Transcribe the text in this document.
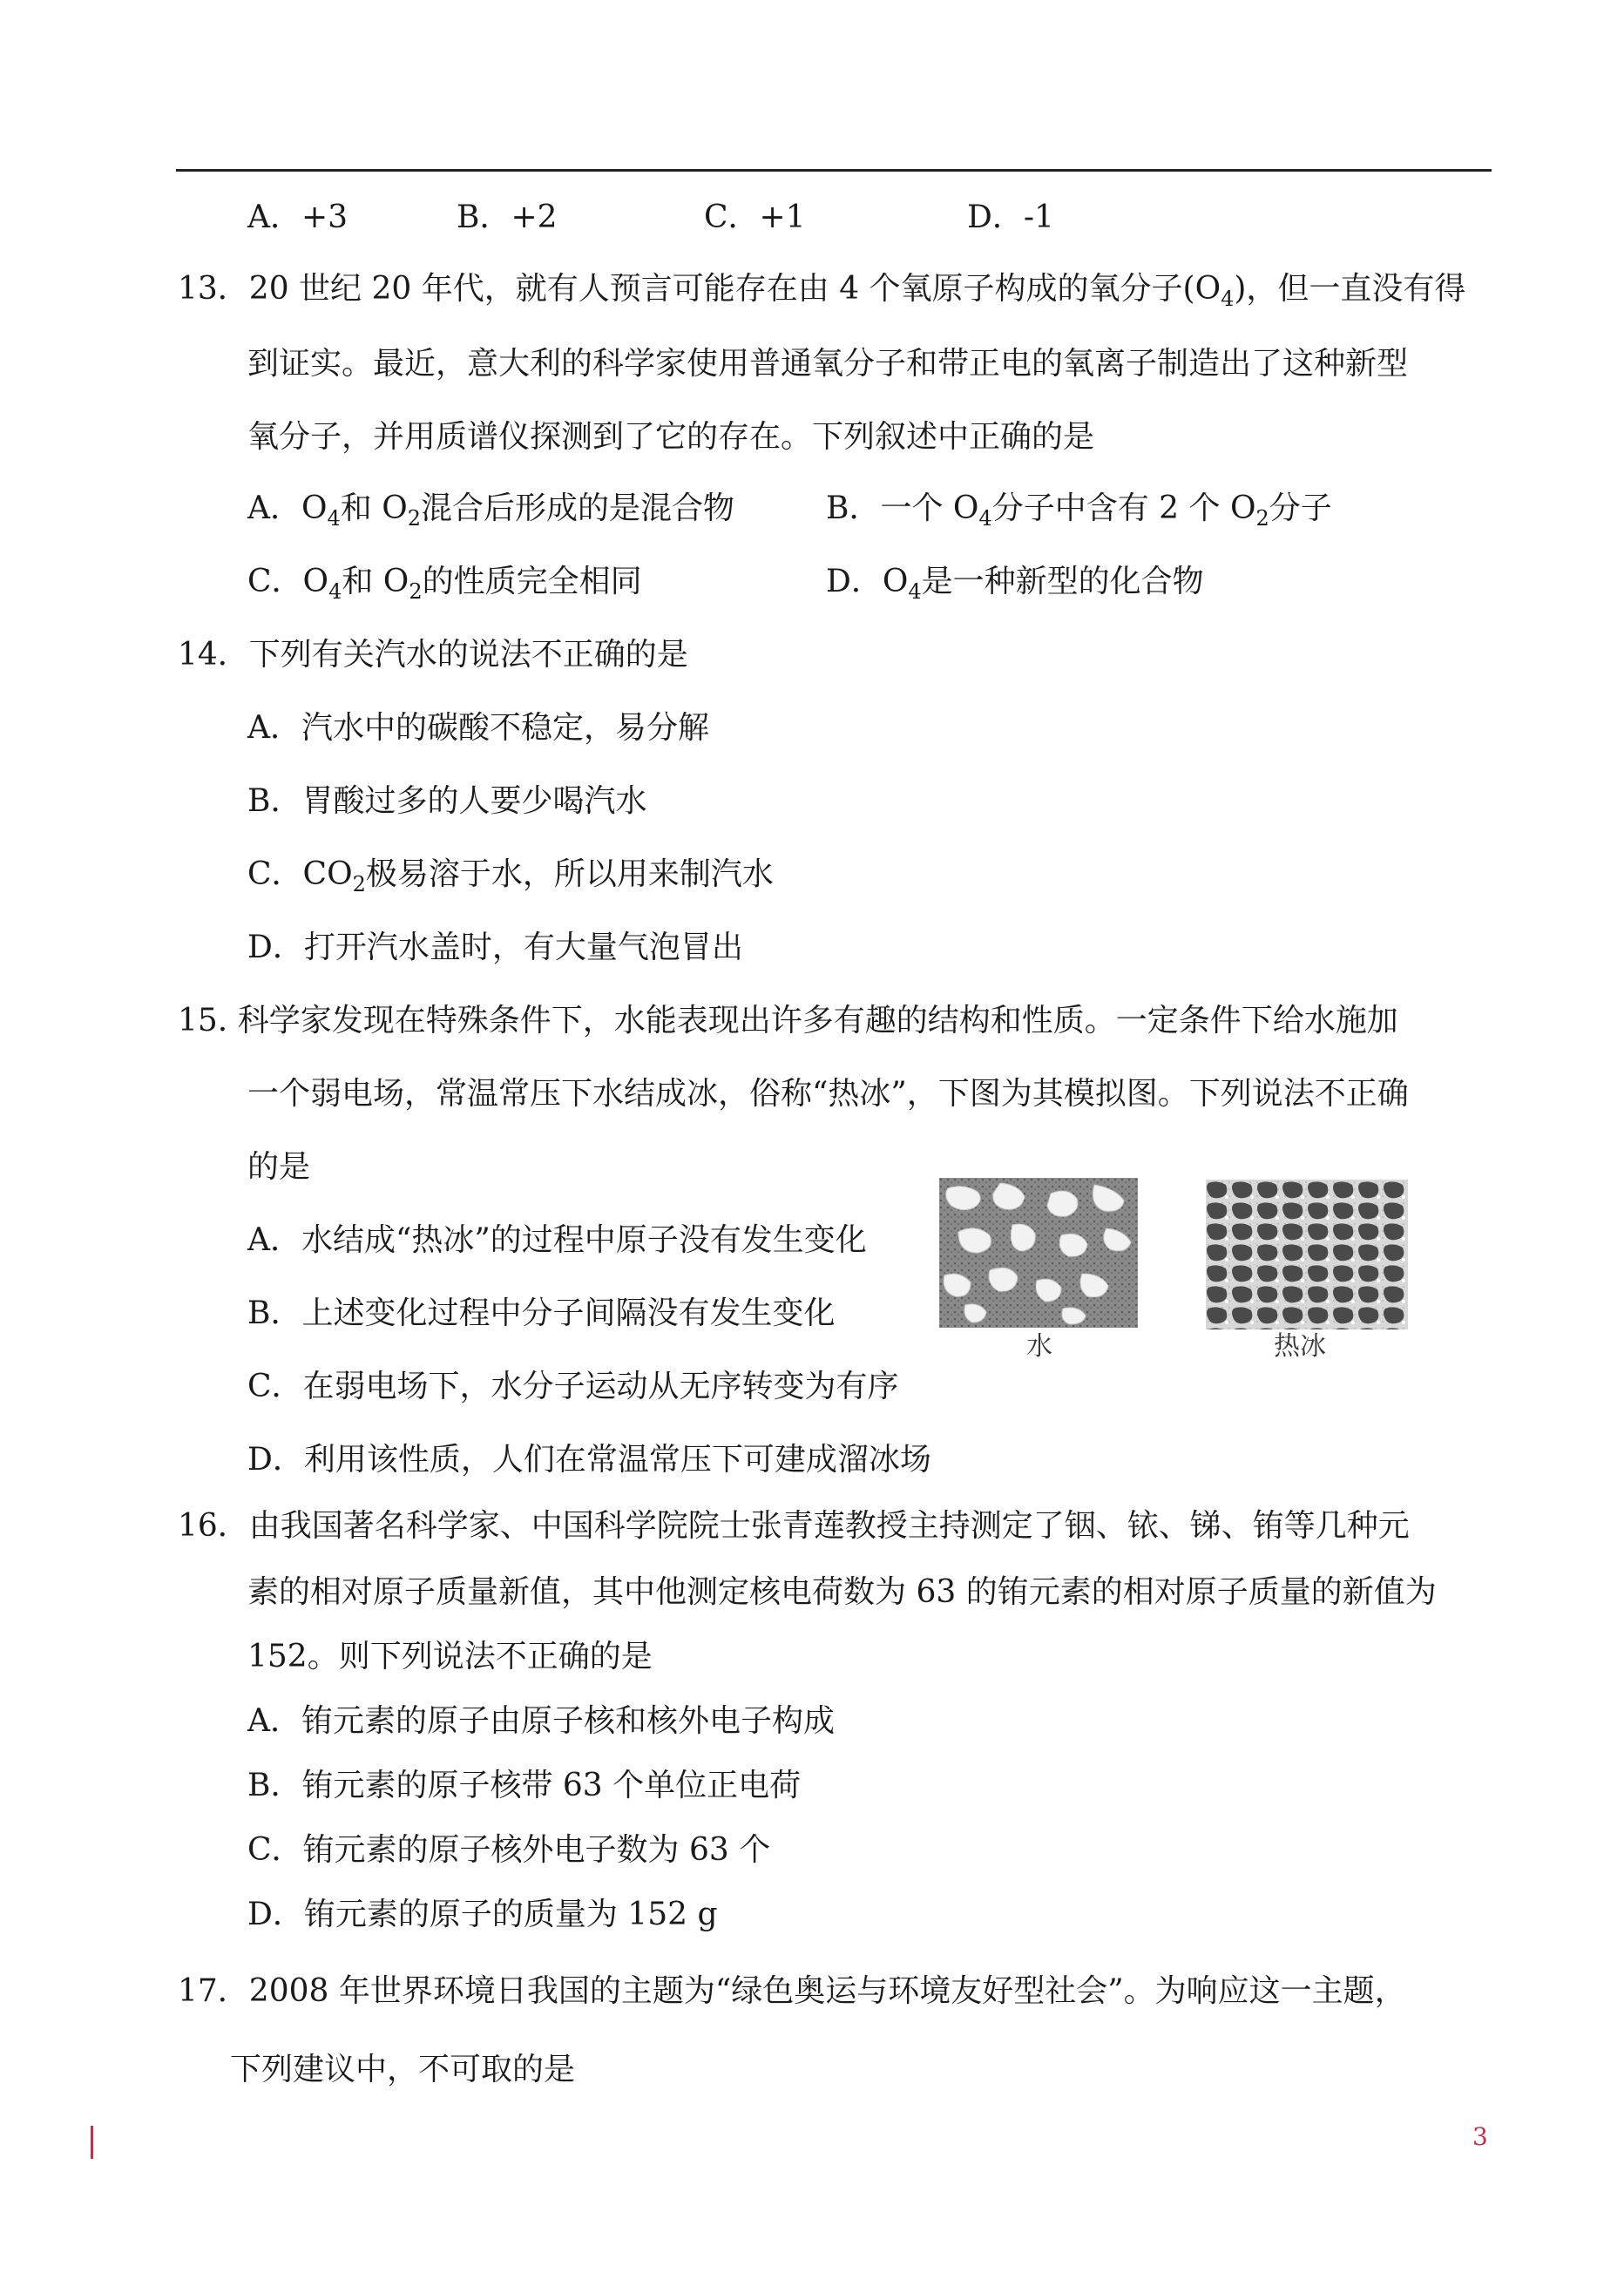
A．+3	B．+2	C．+1	D．-1
13．20 世纪 20 年代，就有人预言可能存在由 4 个氧原子构成的氧分子$(O_4)$，但一直没有得
到证实。最近，意大利的科学家使用普通氧分子和带正电的氧离子制造出了这种新型
氧分子，并用质谱仪探测到了它的存在。下列叙述中正确的是
A．$O_4$和 $O_2$混合后形成的是混合物	B．一个 $O_4$分子中含有 2 个 $O_2$分子
C．$O_4$和 $O_2$的性质完全相同	D．$O_4$是一种新型的化合物
14．下列有关汽水的说法不正确的是
A．汽水中的碳酸不稳定，易分解
B．胃酸过多的人要少喝汽水
C．$CO_2$极易溶于水，所以用来制汽水
D．打开汽水盖时，有大量气泡冒出
15. 科学家发现在特殊条件下，水能表现出许多有趣的结构和性质。一定条件下给水施加
一个弱电场，常温常压下水结成冰，俗称“热冰”，下图为其模拟图。下列说法不正确
的是
A．水结成“热冰”的过程中原子没有发生变化
B．上述变化过程中分子间隔没有发生变化
C．在弱电场下，水分子运动从无序转变为有序
D．利用该性质，人们在常温常压下可建成溜冰场
水	热冰
16．由我国著名科学家、中国科学院院士张青莲教授主持测定了铟、铱、锑、铕等几种元
素的相对原子质量新值，其中他测定核电荷数为 63 的铕元素的相对原子质量的新值为
152。则下列说法不正确的是
A．铕元素的原子由原子核和核外电子构成
B．铕元素的原子核带 63 个单位正电荷
C．铕元素的原子核外电子数为 63 个
D．铕元素的原子的质量为 152 g
17．2008 年世界环境日我国的主题为“绿色奥运与环境友好型社会”。为响应这一主题，
下列建议中，不可取的是
3
